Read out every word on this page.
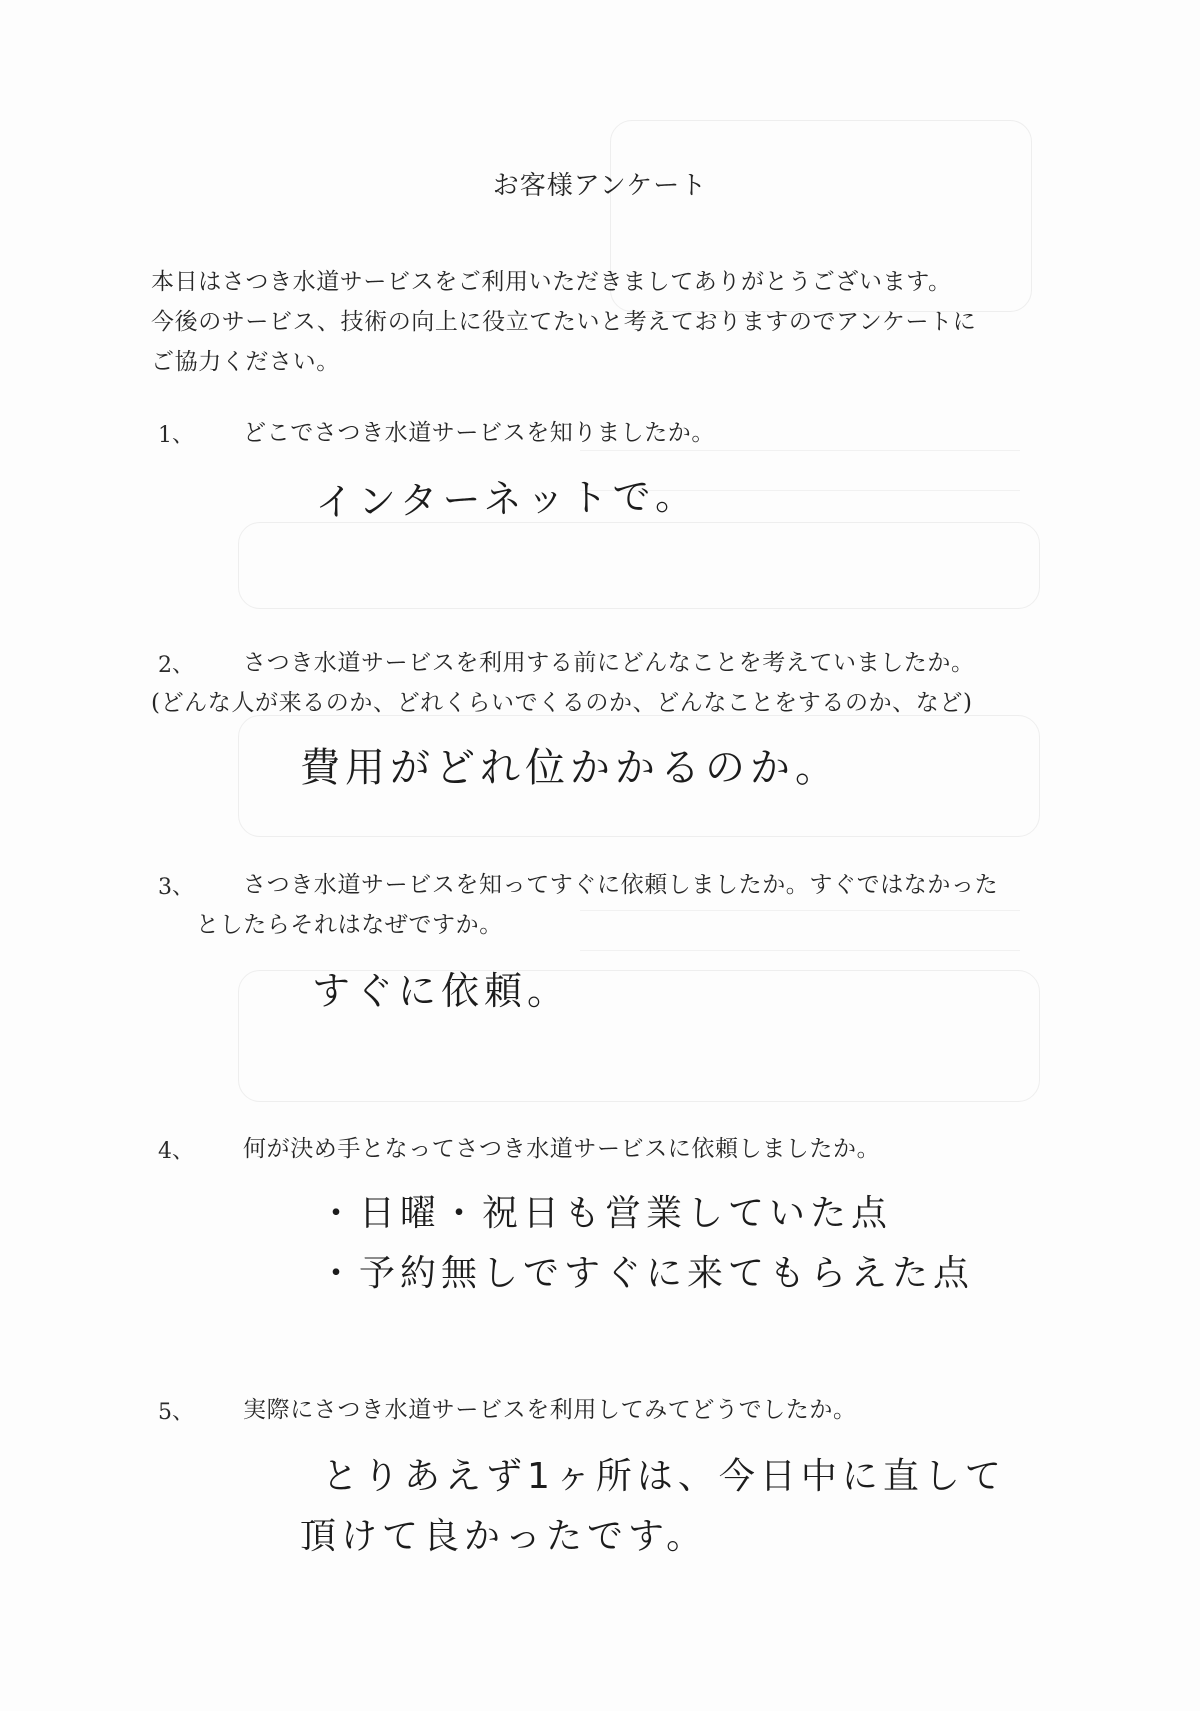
お客様アンケート
本日はさつき水道サービスをご利用いただきましてありがとうございます。
今後のサービス、技術の向上に役立てたいと考えておりますのでアンケートに
ご協力ください。
1、 どこでさつき水道サービスを知りましたか。
インターネットで。
2、 さつき水道サービスを利用する前にどんなことを考えていましたか。
(どんな人が来るのか、どれくらいでくるのか、どんなことをするのか、など)
費用がどれ位かかるのか。
3、 さつき水道サービスを知ってすぐに依頼しましたか。すぐではなかった
としたらそれはなぜですか。
すぐに依頼。
4、 何が決め手となってさつき水道サービスに依頼しましたか。
・日曜・祝日も営業していた点
・予約無しですぐに来てもらえた点
5、 実際にさつき水道サービスを利用してみてどうでしたか。
とりあえず1ヶ所は、今日中に直して
頂けて良かったです。
